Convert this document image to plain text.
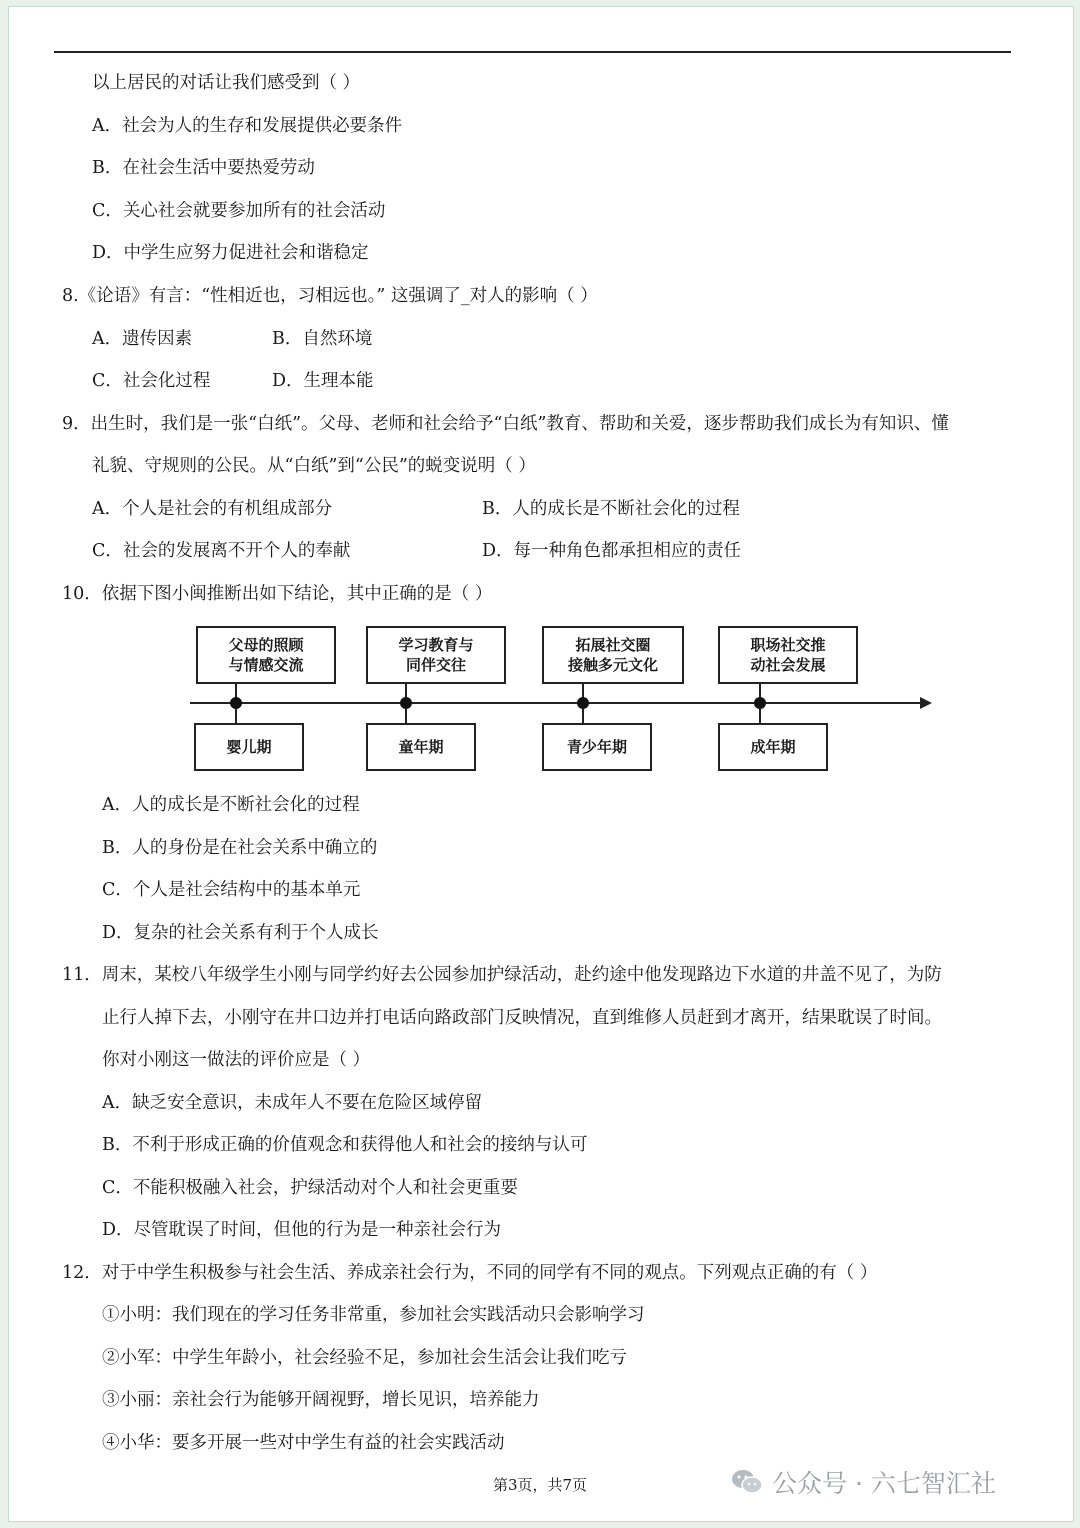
以上居民的对话让我们感受到（ ）
A．社会为人的生存和发展提供必要条件
B．在社会生活中要热爱劳动
C．关心社会就要参加所有的社会活动
D．中学生应努力促进社会和谐稳定
8.《论语》有言：“性相近也，习相远也。” 这强调了_对人的影响（ ）
A．遗传因素	B．自然环境
C．社会化过程	D．生理本能
9．出生时，我们是一张“白纸”。父母、老师和社会给予“白纸”教育、帮助和关爱，逐步帮助我们成长为有知识、懂
礼貌、守规则的公民。从“白纸”到“公民”的蜕变说明（ ）
A．个人是社会的有机组成部分	B．人的成长是不断社会化的过程
C．社会的发展离不开个人的奉献	D．每一种角色都承担相应的责任
10．依据下图小闽推断出如下结论，其中正确的是（ ）
父母的照顾
与情感交流
学习教育与
同伴交往
拓展社交圈
接触多元文化
职场社交推
动社会发展
婴儿期	童年期	青少年期	成年期
A．人的成长是不断社会化的过程
B．人的身份是在社会关系中确立的
C．个人是社会结构中的基本单元
D．复杂的社会关系有利于个人成长
11．周末，某校八年级学生小刚与同学约好去公园参加护绿活动，赴约途中他发现路边下水道的井盖不见了，为防
止行人掉下去，小刚守在井口边并打电话向路政部门反映情况，直到维修人员赶到才离开，结果耽误了时间。
你对小刚这一做法的评价应是（ ）
A．缺乏安全意识，未成年人不要在危险区域停留
B．不利于形成正确的价值观念和获得他人和社会的接纳与认可
C．不能积极融入社会，护绿活动对个人和社会更重要
D．尽管耽误了时间，但他的行为是一种亲社会行为
12．对于中学生积极参与社会生活、养成亲社会行为，不同的同学有不同的观点。下列观点正确的有（ ）
①小明：我们现在的学习任务非常重，参加社会实践活动只会影响学习
②小军：中学生年龄小，社会经验不足，参加社会生活会让我们吃亏
③小丽：亲社会行为能够开阔视野，增长见识，培养能力
④小华：要多开展一些对中学生有益的社会实践活动
第3页，共7页	公众号 · 六七智汇社
